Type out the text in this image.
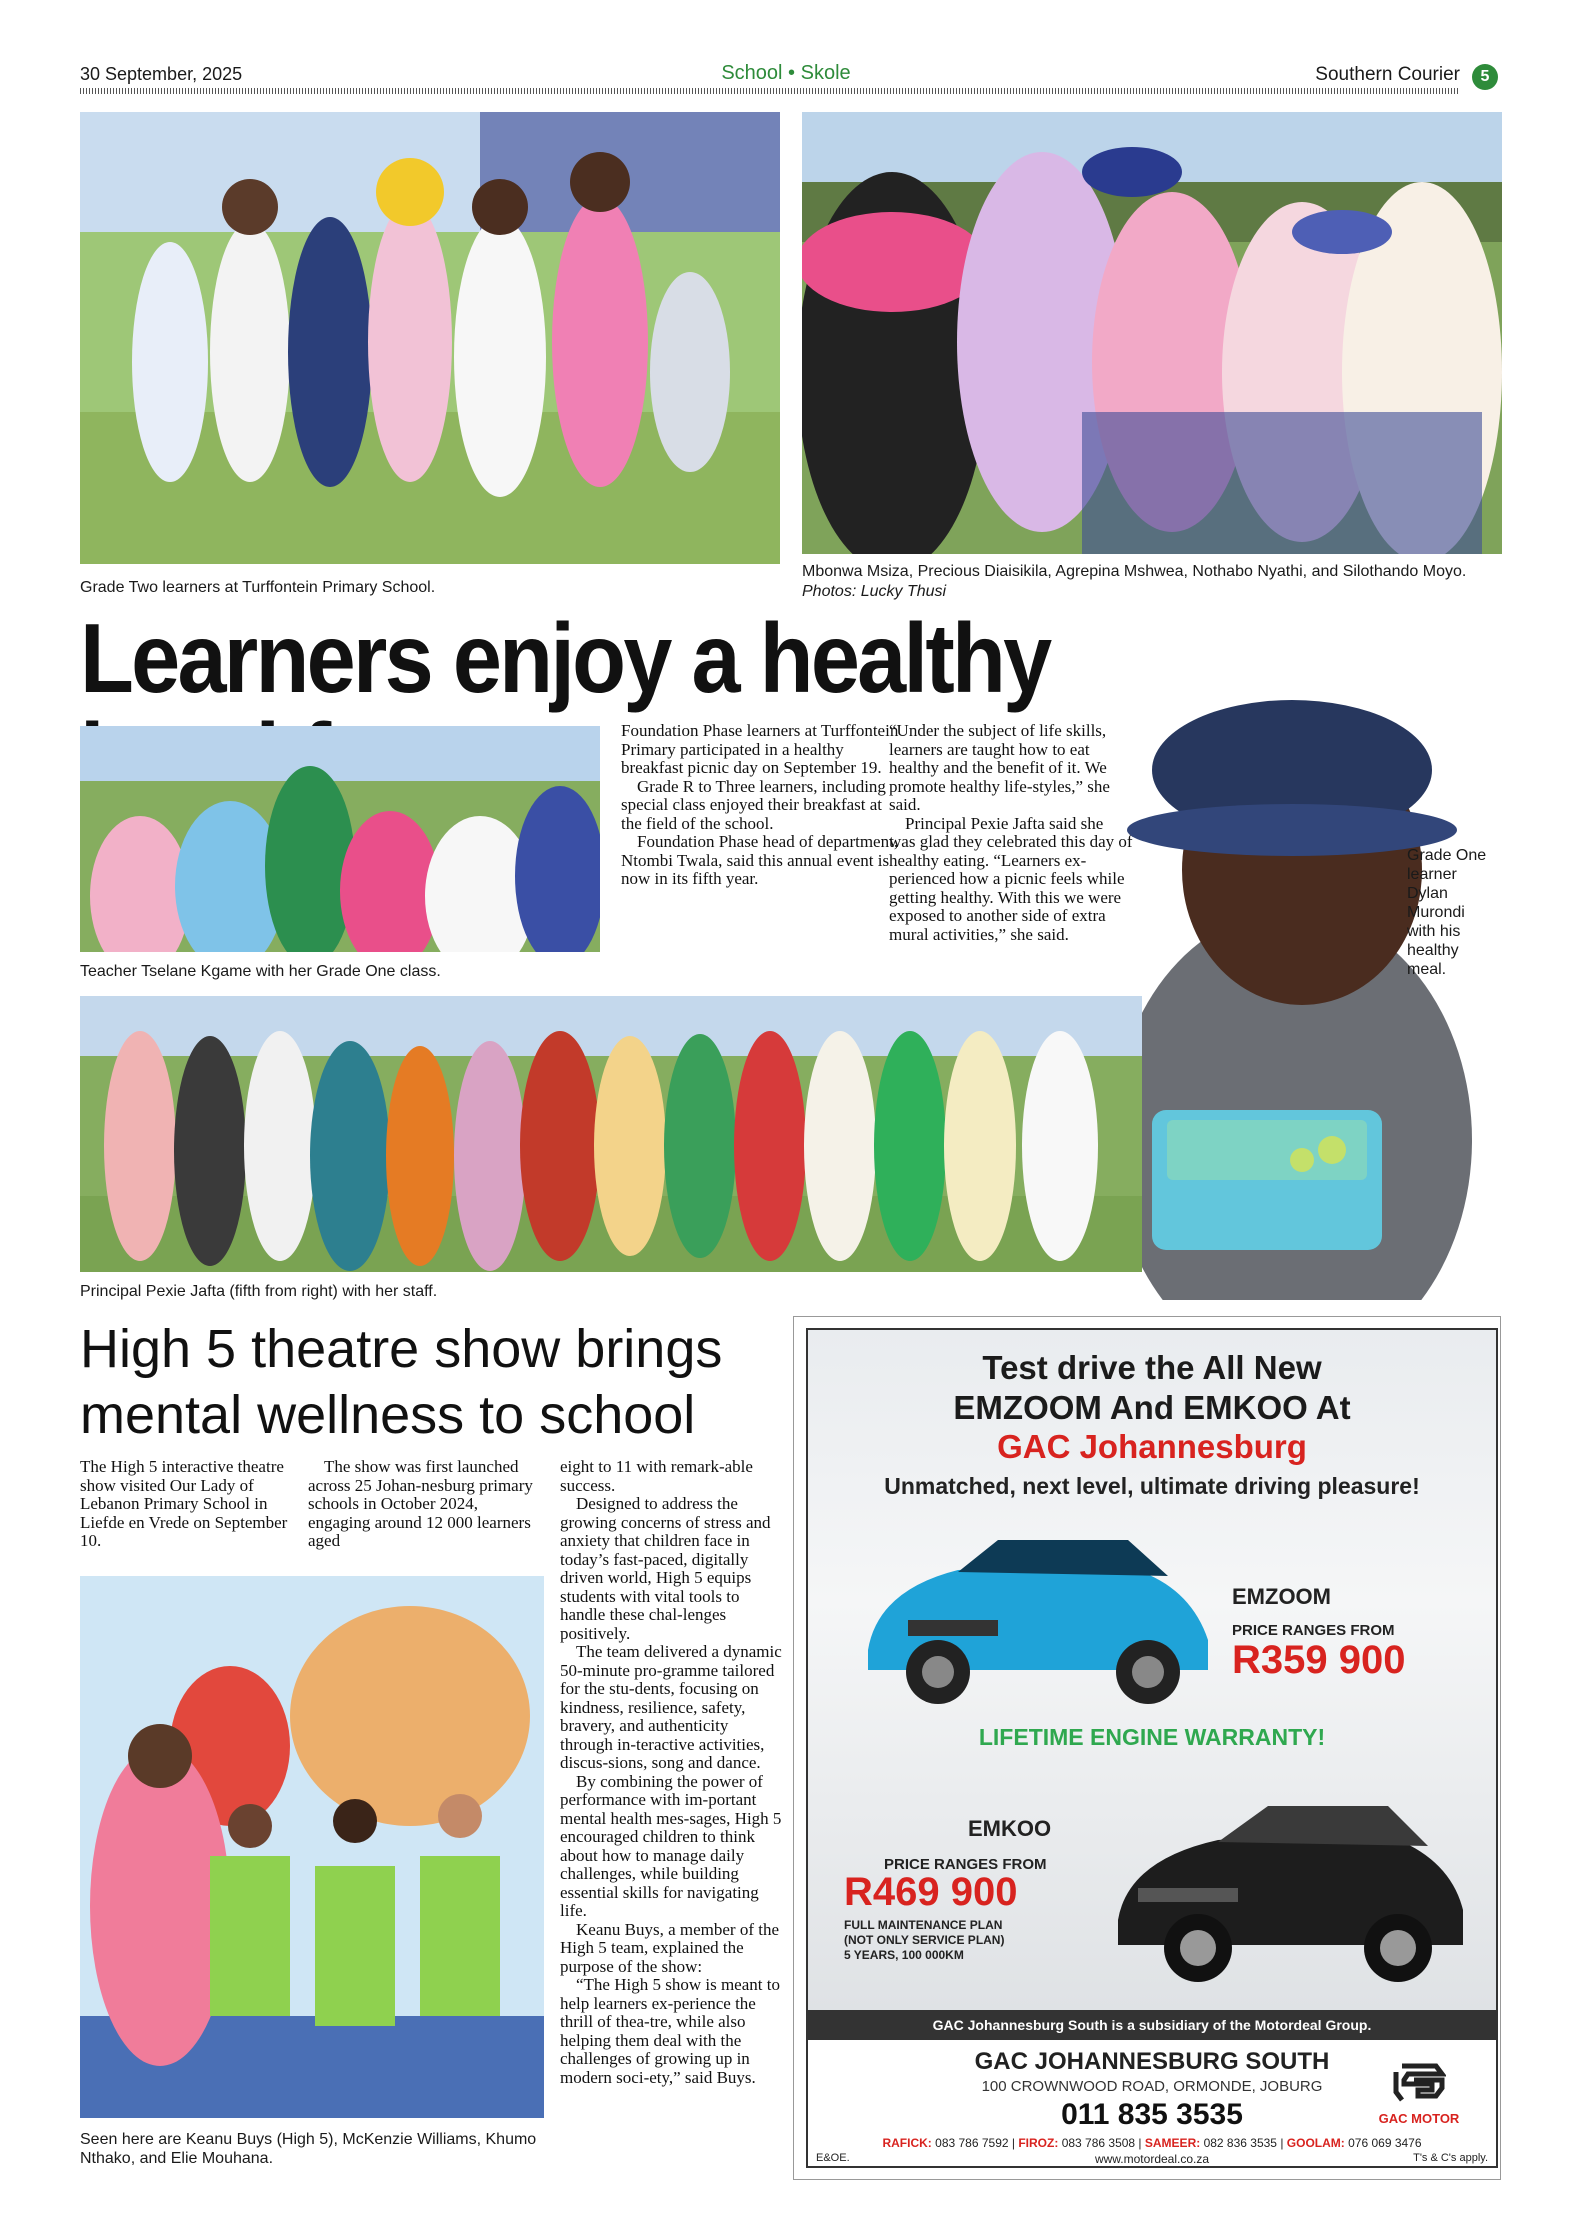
30 September, 2025	School • Skole	Southern Courier	5
Grade Two learners at Turffontein Primary School.
Mbonwa Msiza, Precious Diaisikila, Agrepina Mshwea, Nothabo Nyathi, and Silothando Moyo.
Photos: Lucky Thusi
Learners enjoy a healthy
Teacher Tselane Kgame with her Grade One class.

Foundation Phase learners at Turffontein Primary participated in a healthy breakfast picnic day on September 19.

Grade R to Three learners, including special class enjoyed their breakfast at the field of the school.

Foundation Phase head of department, Ntombi Twala, said this annual event is now in its fifth year.

“Under the subject of life skills, learners are taught how to eat healthy and the benefit of it. We promote healthy life-styles,” she said.

Principal Pexie Jafta said she was glad they celebrated this day of healthy eating. “Learners ex-perienced how a picnic feels while getting healthy. With this we were exposed to another side of extra mural activities,” she said.

Grade One learner Dylan Murondi with his healthy meal.
Principal Pexie Jafta (fifth from right) with her staff.
High 5 theatre show brings mental wellness to school

The High 5 interactive theatre show visited Our Lady of Lebanon Primary School in Liefde en Vrede on September 10.

The show was first launched across 25 Johan-nesburg primary schools in October 2024, engaging around 12 000 learners aged

eight to 11 with remark-able success.

Designed to address the growing concerns of stress and anxiety that children face in today’s fast-paced, digitally driven world, High 5 equips students with vital tools to handle these chal-lenges positively.

The team delivered a dynamic 50-minute pro-gramme tailored for the stu-dents, focusing on kindness, resilience, safety, bravery, and authenticity through in-teractive activities, discus-sions, song and dance.

By combining the power of performance with im-portant mental health mes-sages, High 5 encouraged children to think about how to manage daily challenges, while building essential skills for navigating life.

Keanu Buys, a member of the High 5 team, explained the purpose of the show:

“The High 5 show is meant to help learners ex-perience the thrill of thea-tre, while also helping them deal with the challenges of growing up in modern soci-ety,” said Buys.

Seen here are Keanu Buys (High 5), McKenzie Williams, Khumo Nthako, and Elie Mouhana.
Test drive the All New
EMZOOM And EMKOO At
GAC Johannesburg
Unmatched, next level, ultimate driving pleasure!
EMZOOM
PRICE RANGES FROM
R359 900
LIFETIME ENGINE WARRANTY!
EMKOO
PRICE RANGES FROM
R469 900
FULL MAINTENANCE PLAN
(NOT ONLY SERVICE PLAN)
5 YEARS, 100 000KM
GAC Johannesburg South is a subsidiary of the Motordeal Group.
GAC JOHANNESBURG SOUTH
100 CROWNWOOD ROAD, ORMONDE, JOBURG
011 835 3535	GAC MOTOR
RAFICK: 083 786 7592 | FIROZ: 083 786 3508 | SAMEER: 082 836 3535 | GOOLAM: 076 069 3476
www.motordeal.co.za
E&OE.	T's & C's apply.
